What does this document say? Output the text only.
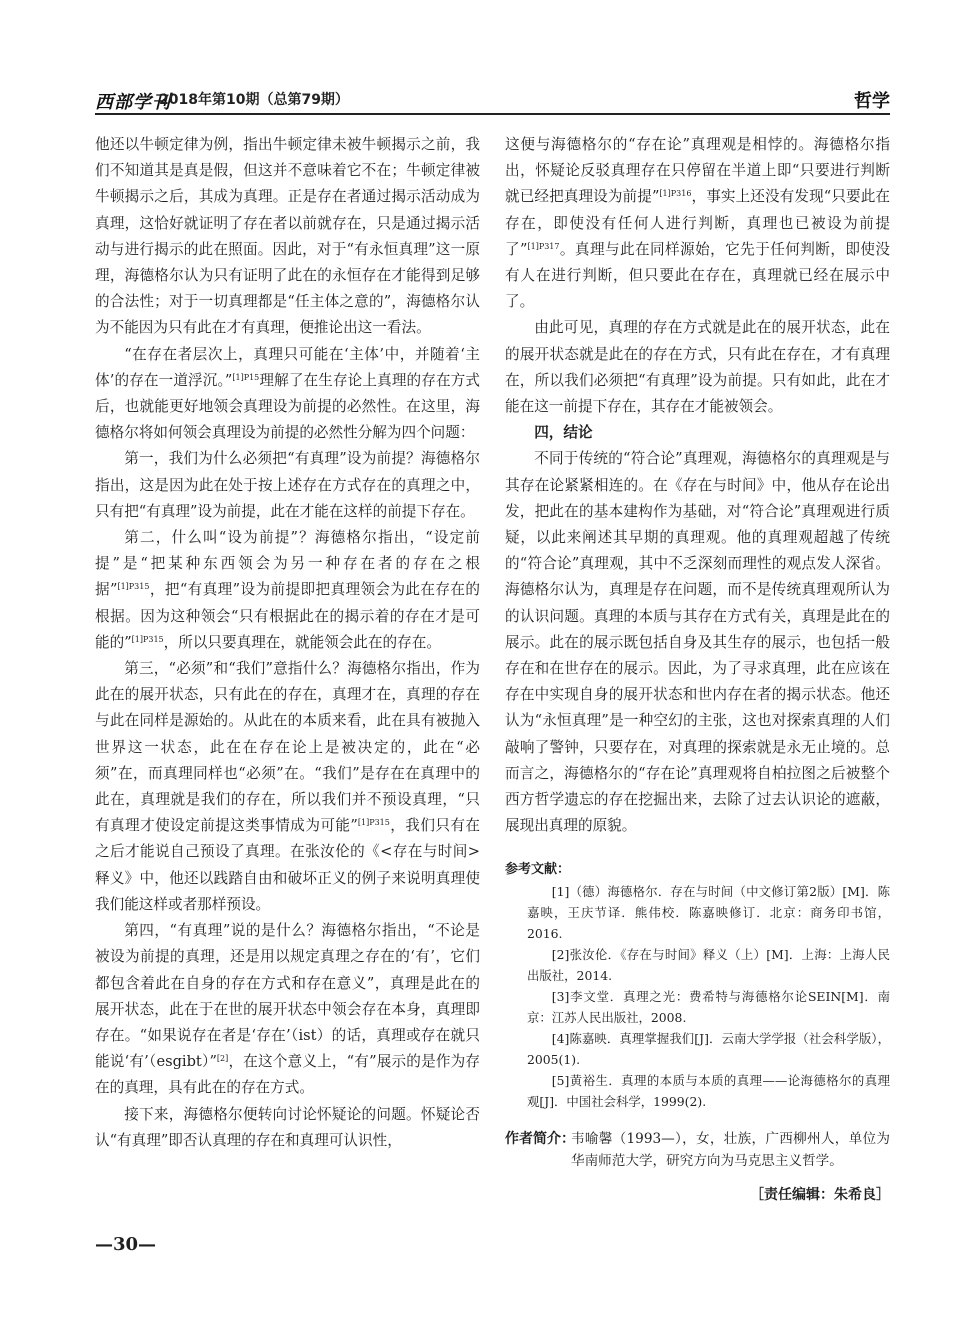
西部学刊
2018年第10期（总第79期）	哲学

他还以牛顿定律为例，指出牛顿定律未被牛顿揭示之前，我们不知道其是真是假，但这并不意味着它不在；牛顿定律被牛顿揭示之后，其成为真理。正是存在者通过揭示活动成为真理，这恰好就证明了存在者以前就存在，只是通过揭示活动与进行揭示的此在照面。因此，对于“有永恒真理”这一原理，海德格尔认为只有证明了此在的永恒存在才能得到足够的合法性；对于一切真理都是“任主体之意的”，海德格尔认为不能因为只有此在才有真理，便推论出这一看法。

“在存在者层次上，真理只可能在‘主体’中，并随着‘主体’的存在一道浮沉。”$^{[1]P15}$理解了在生存论上真理的存在方式后，也就能更好地领会真理设为前提的必然性。在这里，海德格尔将如何领会真理设为前提的必然性分解为四个问题：

第一，我们为什么必须把“有真理”设为前提？海德格尔指出，这是因为此在处于按上述存在方式存在的真理之中，只有把“有真理”设为前提，此在才能在这样的前提下存在。

第二，什么叫“设为前提”？海德格尔指出，“设定前提”是“把某种东西领会为另一种存在者的存在之根据”$^{[1]P315}$，把“有真理”设为前提即把真理领会为此在存在的根据。因为这种领会“只有根据此在的揭示着的存在才是可能的”$^{[1]P315}$，所以只要真理在，就能领会此在的存在。

第三，“必须”和“我们”意指什么？海德格尔指出，作为此在的展开状态，只有此在的存在，真理才在，真理的存在与此在同样是源始的。从此在的本质来看，此在具有被抛入世界这一状态，此在在存在论上是被决定的，此在“必须”在，而真理同样也“必须”在。“我们”是存在在真理中的此在，真理就是我们的存在，所以我们并不预设真理，“只有真理才使设定前提这类事情成为可能”$^{[1]P315}$，我们只有在之后才能说自己预设了真理。在张汝伦的《<存在与时间>释义》中，他还以践踏自由和破坏正义的例子来说明真理使我们能这样或者那样预设。

第四，“有真理”说的是什么？海德格尔指出，“不论是被设为前提的真理，还是用以规定真理之存在的‘有’，它们都包含着此在自身的存在方式和存在意义”，真理是此在的展开状态，此在于在世的展开状态中领会存在本身，真理即存在。“如果说存在者是‘存在’（ist）的话，真理或存在就只能说‘有’（esgibt）”[2]，在这个意义上，“有”展示的是作为存在的真理，具有此在的存在方式。

接下来，海德格尔便转向讨论怀疑论的问题。怀疑论否认“有真理”即否认真理的存在和真理可认识性，

这便与海德格尔的“存在论”真理观是相悖的。海德格尔指出，怀疑论反驳真理存在只停留在半道上即“只要进行判断就已经把真理设为前提”$^{[1]P316}$，事实上还没有发现“只要此在存在，即使没有任何人进行判断，真理也已被设为前提了”$^{[1]P317}$。真理与此在同样源始，它先于任何判断，即使没有人在进行判断，但只要此在存在，真理就已经在展示中了。

由此可见，真理的存在方式就是此在的展开状态，此在的展开状态就是此在的存在方式，只有此在存在，才有真理在，所以我们必须把“有真理”设为前提。只有如此，此在才能在这一前提下存在，其存在才能被领会。

四，结论

不同于传统的“符合论”真理观，海德格尔的真理观是与其存在论紧紧相连的。在《存在与时间》中，他从存在论出发，把此在的基本建构作为基础，对“符合论”真理观进行质疑，以此来阐述其早期的真理观。他的真理观超越了传统的“符合论”真理观，其中不乏深刻而理性的观点发人深省。海德格尔认为，真理是存在问题，而不是传统真理观所认为的认识问题。真理的本质与其存在方式有关，真理是此在的展示。此在的展示既包括自身及其生存的展示，也包括一般存在和在世存在的展示。因此，为了寻求真理，此在应该在存在中实现自身的展开状态和世内存在者的揭示状态。他还认为“永恒真理”是一种空幻的主张，这也对探索真理的人们敲响了警钟，只要存在，对真理的探索就是永无止境的。总而言之，海德格尔的“存在论”真理观将自柏拉图之后被整个西方哲学遗忘的存在挖掘出来，去除了过去认识论的遮蔽，展现出真理的原貌。

参考文献：

[1]（德）海德格尔．存在与时间（中文修订第2版）[M]．陈嘉映，王庆节译．熊伟校．陈嘉映修订．北京：商务印书馆，2016.

[2]张汝伦．《存在与时间》释义（上）[M]．上海：上海人民出版社，2014.

[3]李文堂．真理之光：费希特与海德格尔论SEIN[M]．南京：江苏人民出版社，2008.

[4]陈嘉映．真理掌握我们[J]．云南大学学报（社会科学版），2005(1).

[5]黄裕生．真理的本质与本质的真理——论海德格尔的真理观[J]．中国社会科学，1999(2).

作者简介：
韦喻馨（1993—），女，壮族，广西柳州人，单位为华南师范大学，研究方向为马克思主义哲学。
［责任编辑：朱希良］
—30—
